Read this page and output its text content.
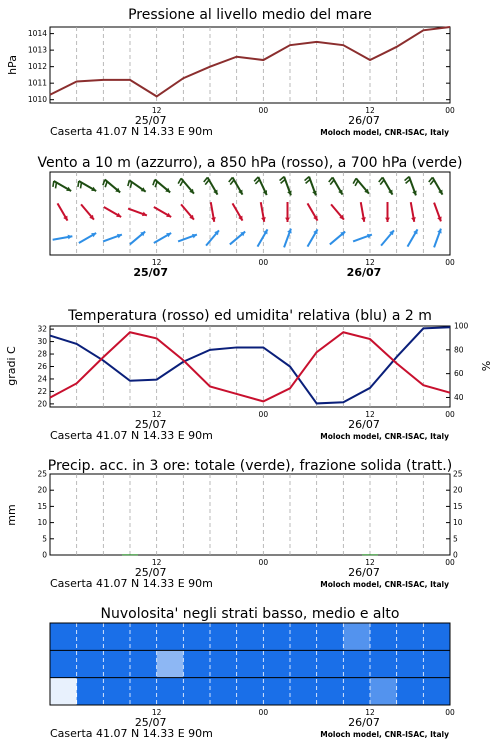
Pressione al livello medio del mare
hPa
1010
1011
1012
1013
1014
12	00	12	00
25/07	26/07
Caserta 41.07 N 14.33 E 90m	Moloch model, CNR-ISAC, Italy
Vento a 10 m (azzurro), a 850 hPa (rosso), a 700 hPa (verde)
12	00	12	00
25/07	26/07
Temperatura (rosso) ed umidita' relativa (blu) a 2 m
gradi C	%
20
22
24
26
28
30
32
40
60
80
100
12	00	12	00
25/07	26/07
Caserta 41.07 N 14.33 E 90m	Moloch model, CNR-ISAC, Italy
Precip. acc. in 3 ore: totale (verde), frazione solida (tratt.)
mm
0	0
5	5
10	10
15	15
20	20
25	25
12	00	12	00
25/07	26/07
Caserta 41.07 N 14.33 E 90m	Moloch model, CNR-ISAC, Italy
Nuvolosita' negli strati basso, medio e alto
12	00	12	00
25/07	26/07
Caserta 41.07 N 14.33 E 90m	Moloch model, CNR-ISAC, Italy
